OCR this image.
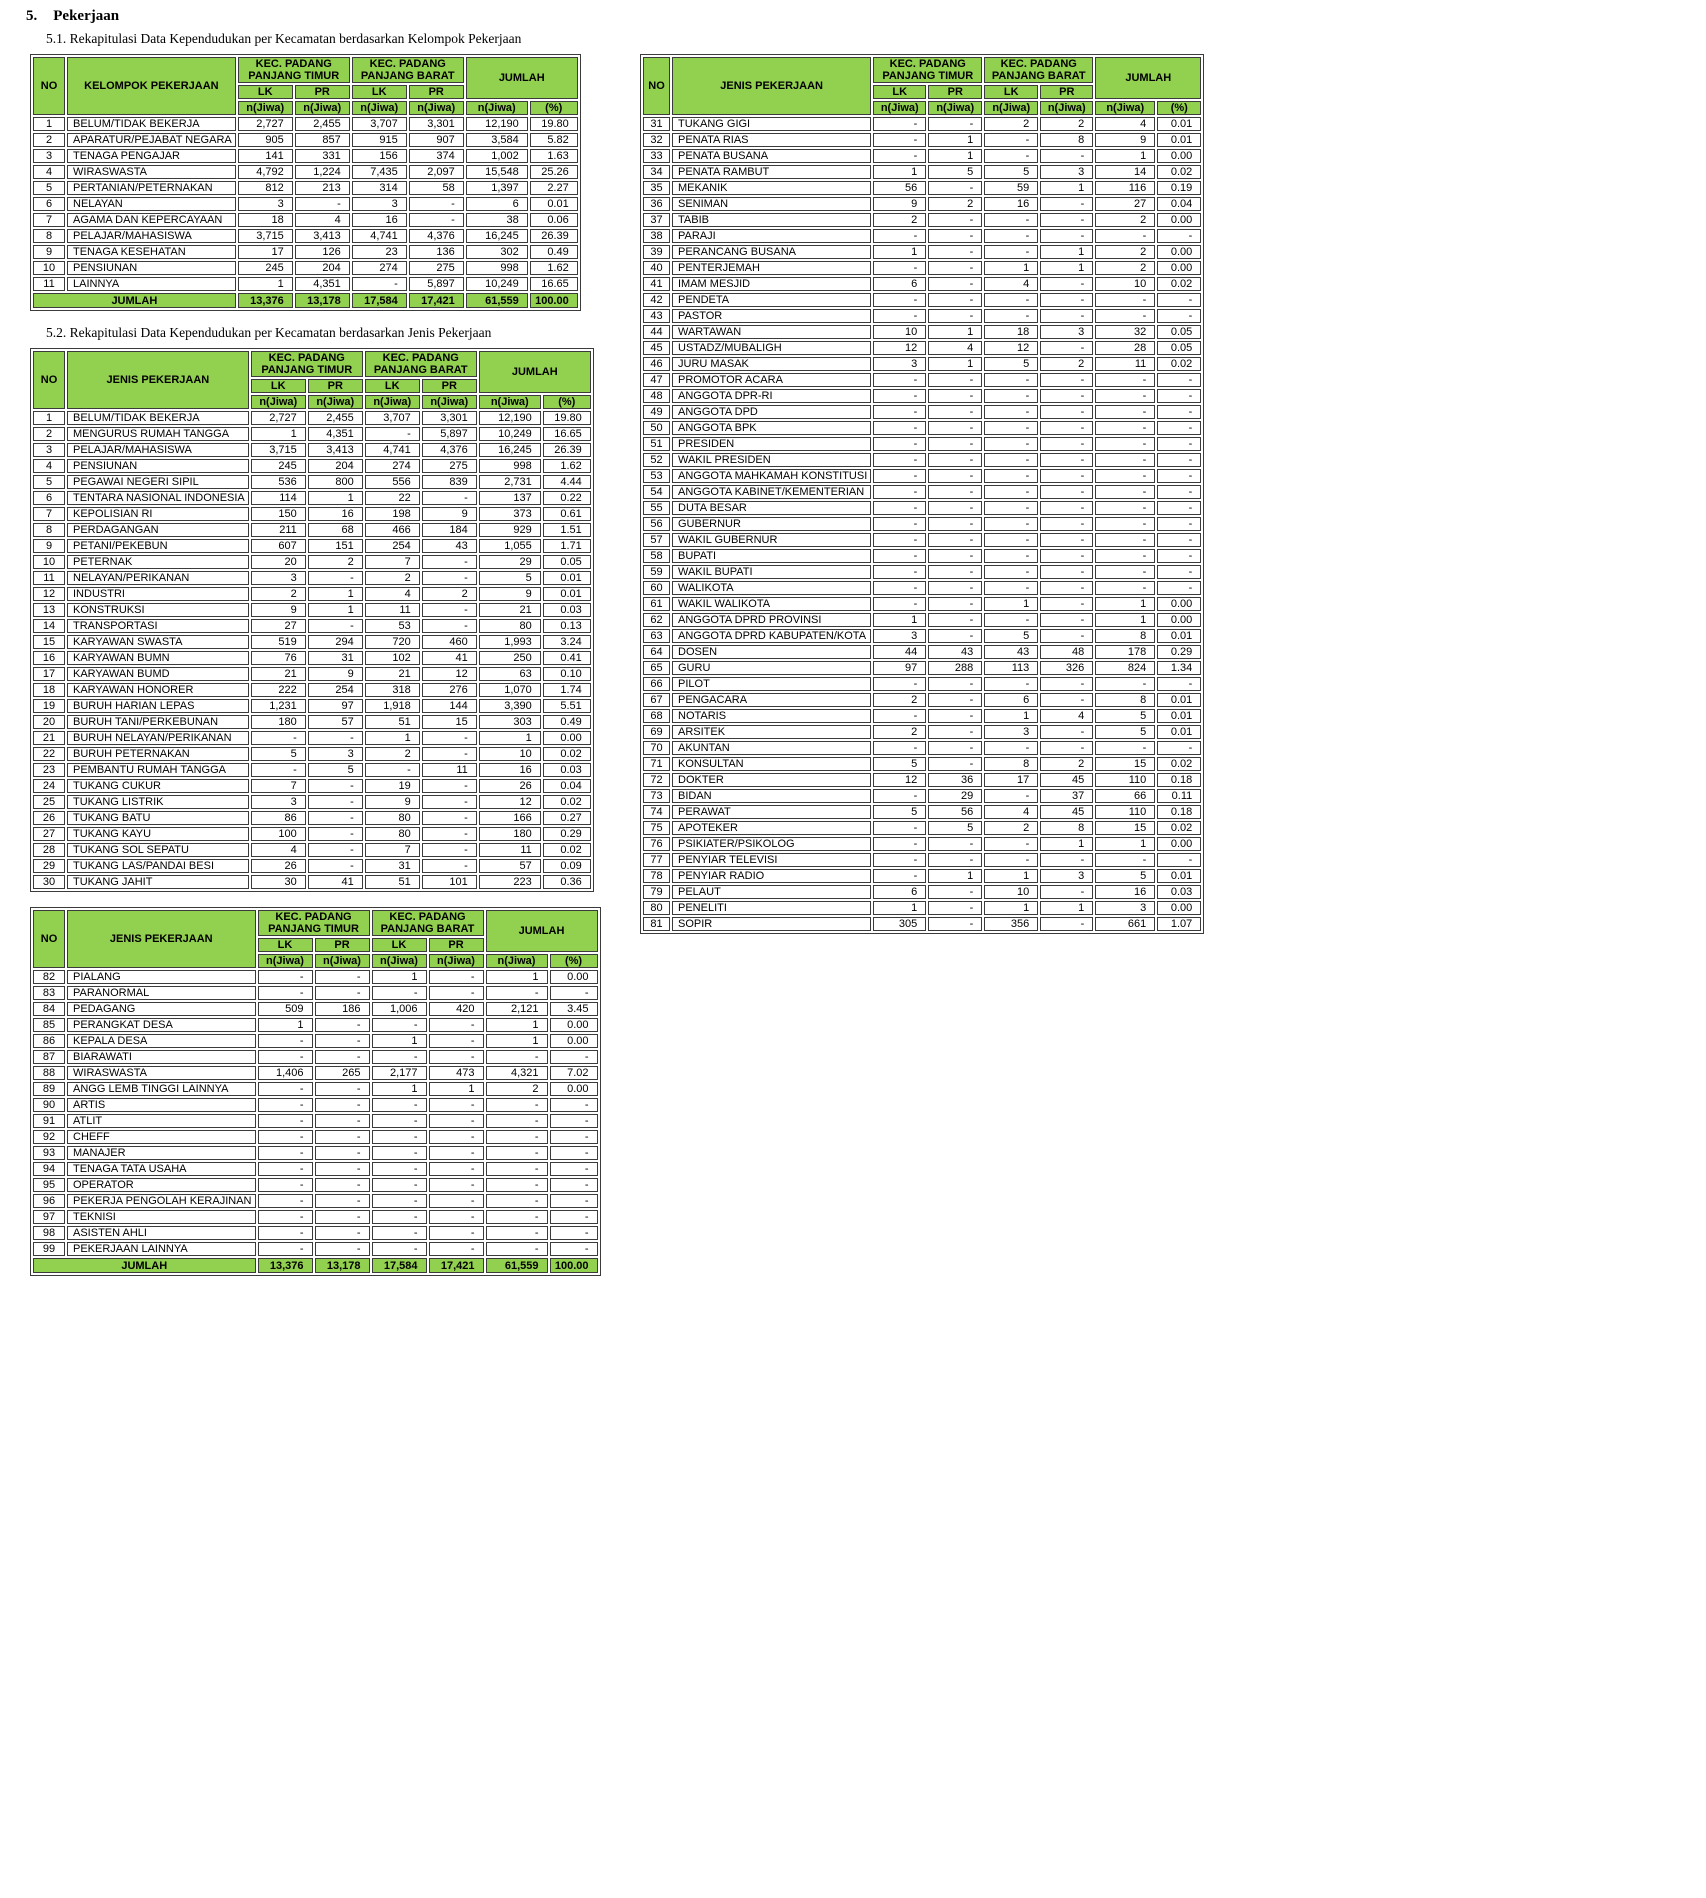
5. Pekerjaan
5.1. Rekapitulasi Data Kependudukan per Kecamatan berdasarkan Kelompok Pekerjaan
5.2. Rekapitulasi Data Kependudukan per Kecamatan berdasarkan Jenis Pekerjaan
NO	KELOMPOK PEKERJAAN	KEC. PADANG PANJANG TIMUR		KEC. PADANG PANJANG BARAT		JUMLAH	
		LK	PR	LK	PR		
		n(Jiwa)	n(Jiwa)	n(Jiwa)	n(Jiwa)	n(Jiwa)	(%)
1	BELUM/TIDAK BEKERJA	2,727	2,455	3,707	3,301	12,190	19.80
2	APARATUR/PEJABAT NEGARA	905	857	915	907	3,584	5.82
3	TENAGA PENGAJAR	141	331	156	374	1,002	1.63
4	WIRASWASTA	4,792	1,224	7,435	2,097	15,548	25.26
5	PERTANIAN/PETERNAKAN	812	213	314	58	1,397	2.27
6	NELAYAN	3	-	3	-	6	0.01
7	AGAMA DAN KEPERCAYAAN	18	4	16	-	38	0.06
8	PELAJAR/MAHASISWA	3,715	3,413	4,741	4,376	16,245	26.39
9	TENAGA KESEHATAN	17	126	23	136	302	0.49
10	PENSIUNAN	245	204	274	275	998	1.62
11	LAINNYA	1	4,351	-	5,897	10,249	16.65
JUMLAH		13,376	13,178	17,584	17,421	61,559	100.00
NO	JENIS PEKERJAAN	KEC. PADANG PANJANG TIMUR		KEC. PADANG PANJANG BARAT		JUMLAH	
		LK	PR	LK	PR		
		n(Jiwa)	n(Jiwa)	n(Jiwa)	n(Jiwa)	n(Jiwa)	(%)
1	BELUM/TIDAK BEKERJA	2,727	2,455	3,707	3,301	12,190	19.80
2	MENGURUS RUMAH TANGGA	1	4,351	-	5,897	10,249	16.65
3	PELAJAR/MAHASISWA	3,715	3,413	4,741	4,376	16,245	26.39
4	PENSIUNAN	245	204	274	275	998	1.62
5	PEGAWAI NEGERI SIPIL	536	800	556	839	2,731	4.44
6	TENTARA NASIONAL INDONESIA	114	1	22	-	137	0.22
7	KEPOLISIAN RI	150	16	198	9	373	0.61
8	PERDAGANGAN	211	68	466	184	929	1.51
9	PETANI/PEKEBUN	607	151	254	43	1,055	1.71
10	PETERNAK	20	2	7	-	29	0.05
11	NELAYAN/PERIKANAN	3	-	2	-	5	0.01
12	INDUSTRI	2	1	4	2	9	0.01
13	KONSTRUKSI	9	1	11	-	21	0.03
14	TRANSPORTASI	27	-	53	-	80	0.13
15	KARYAWAN SWASTA	519	294	720	460	1,993	3.24
16	KARYAWAN BUMN	76	31	102	41	250	0.41
17	KARYAWAN BUMD	21	9	21	12	63	0.10
18	KARYAWAN HONORER	222	254	318	276	1,070	1.74
19	BURUH HARIAN LEPAS	1,231	97	1,918	144	3,390	5.51
20	BURUH TANI/PERKEBUNAN	180	57	51	15	303	0.49
21	BURUH NELAYAN/PERIKANAN	-	-	1	-	1	0.00
22	BURUH PETERNAKAN	5	3	2	-	10	0.02
23	PEMBANTU RUMAH TANGGA	-	5	-	11	16	0.03
24	TUKANG CUKUR	7	-	19	-	26	0.04
25	TUKANG LISTRIK	3	-	9	-	12	0.02
26	TUKANG BATU	86	-	80	-	166	0.27
27	TUKANG KAYU	100	-	80	-	180	0.29
28	TUKANG SOL SEPATU	4	-	7	-	11	0.02
29	TUKANG LAS/PANDAI BESI	26	-	31	-	57	0.09
30	TUKANG JAHIT	30	41	51	101	223	0.36
NO	JENIS PEKERJAAN	KEC. PADANG PANJANG TIMUR		KEC. PADANG PANJANG BARAT		JUMLAH	
		LK	PR	LK	PR		
		n(Jiwa)	n(Jiwa)	n(Jiwa)	n(Jiwa)	n(Jiwa)	(%)
31	TUKANG GIGI	-	-	2	2	4	0.01
32	PENATA RIAS	-	1	-	8	9	0.01
33	PENATA BUSANA	-	1	-	-	1	0.00
34	PENATA RAMBUT	1	5	5	3	14	0.02
35	MEKANIK	56	-	59	1	116	0.19
36	SENIMAN	9	2	16	-	27	0.04
37	TABIB	2	-	-	-	2	0.00
38	PARAJI	-	-	-	-	-	-
39	PERANCANG BUSANA	1	-	-	1	2	0.00
40	PENTERJEMAH	-	-	1	1	2	0.00
41	IMAM MESJID	6	-	4	-	10	0.02
42	PENDETA	-	-	-	-	-	-
43	PASTOR	-	-	-	-	-	-
44	WARTAWAN	10	1	18	3	32	0.05
45	USTADZ/MUBALIGH	12	4	12	-	28	0.05
46	JURU MASAK	3	1	5	2	11	0.02
47	PROMOTOR ACARA	-	-	-	-	-	-
48	ANGGOTA DPR-RI	-	-	-	-	-	-
49	ANGGOTA DPD	-	-	-	-	-	-
50	ANGGOTA BPK	-	-	-	-	-	-
51	PRESIDEN	-	-	-	-	-	-
52	WAKIL PRESIDEN	-	-	-	-	-	-
53	ANGGOTA MAHKAMAH KONSTITUSI	-	-	-	-	-	-
54	ANGGOTA KABINET/KEMENTERIAN	-	-	-	-	-	-
55	DUTA BESAR	-	-	-	-	-	-
56	GUBERNUR	-	-	-	-	-	-
57	WAKIL GUBERNUR	-	-	-	-	-	-
58	BUPATI	-	-	-	-	-	-
59	WAKIL BUPATI	-	-	-	-	-	-
60	WALIKOTA	-	-	-	-	-	-
61	WAKIL WALIKOTA	-	-	1	-	1	0.00
62	ANGGOTA DPRD PROVINSI	1	-	-	-	1	0.00
63	ANGGOTA DPRD KABUPATEN/KOTA	3	-	5	-	8	0.01
64	DOSEN	44	43	43	48	178	0.29
65	GURU	97	288	113	326	824	1.34
66	PILOT	-	-	-	-	-	-
67	PENGACARA	2	-	6	-	8	0.01
68	NOTARIS	-	-	1	4	5	0.01
69	ARSITEK	2	-	3	-	5	0.01
70	AKUNTAN	-	-	-	-	-	-
71	KONSULTAN	5	-	8	2	15	0.02
72	DOKTER	12	36	17	45	110	0.18
73	BIDAN	-	29	-	37	66	0.11
74	PERAWAT	5	56	4	45	110	0.18
75	APOTEKER	-	5	2	8	15	0.02
76	PSIKIATER/PSIKOLOG	-	-	-	1	1	0.00
77	PENYIAR TELEVISI	-	-	-	-	-	-
78	PENYIAR RADIO	-	1	1	3	5	0.01
79	PELAUT	6	-	10	-	16	0.03
80	PENELITI	1	-	1	1	3	0.00
81	SOPIR	305	-	356	-	661	1.07
NO	JENIS PEKERJAAN	KEC. PADANG PANJANG TIMUR		KEC. PADANG PANJANG BARAT		JUMLAH	
		LK	PR	LK	PR		
		n(Jiwa)	n(Jiwa)	n(Jiwa)	n(Jiwa)	n(Jiwa)	(%)
82	PIALANG	-	-	1	-	1	0.00
83	PARANORMAL	-	-	-	-	-	-
84	PEDAGANG	509	186	1,006	420	2,121	3.45
85	PERANGKAT DESA	1	-	-	-	1	0.00
86	KEPALA DESA	-	-	1	-	1	0.00
87	BIARAWATI	-	-	-	-	-	-
88	WIRASWASTA	1,406	265	2,177	473	4,321	7.02
89	ANGG LEMB TINGGI LAINNYA	-	-	1	1	2	0.00
90	ARTIS	-	-	-	-	-	-
91	ATLIT	-	-	-	-	-	-
92	CHEFF	-	-	-	-	-	-
93	MANAJER	-	-	-	-	-	-
94	TENAGA TATA USAHA	-	-	-	-	-	-
95	OPERATOR	-	-	-	-	-	-
96	PEKERJA PENGOLAH KERAJINAN	-	-	-	-	-	-
97	TEKNISI	-	-	-	-	-	-
98	ASISTEN AHLI	-	-	-	-	-	-
99	PEKERJAAN LAINNYA	-	-	-	-	-	-
JUMLAH		13,376	13,178	17,584	17,421	61,559	100.00
